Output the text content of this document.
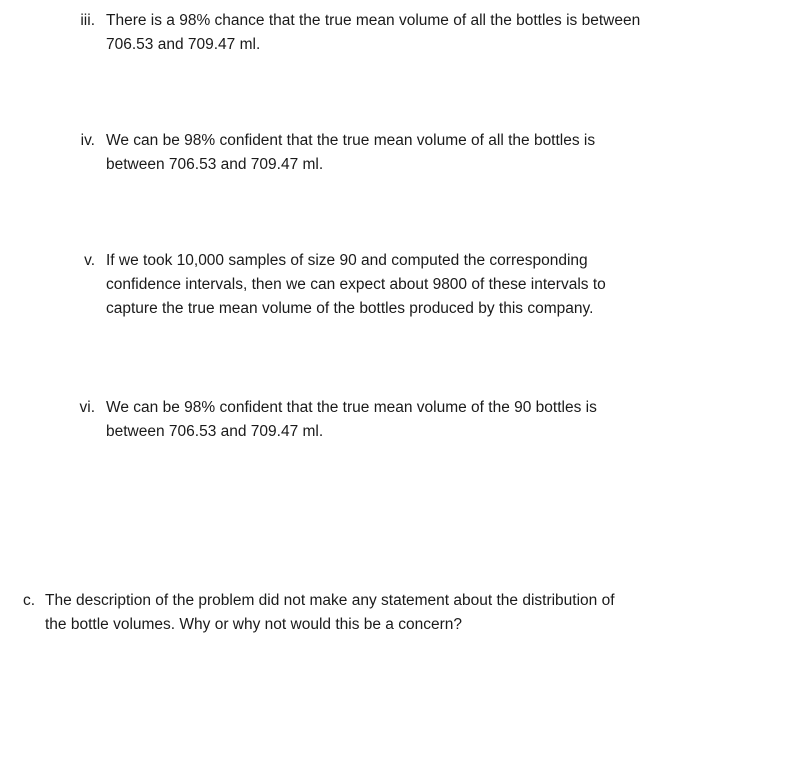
iii. There is a 98% chance that the true mean volume of all the bottles is between
706.53 and 709.47 ml.
iv. We can be 98% confident that the true mean volume of all the bottles is
between 706.53 and 709.47 ml.
v. If we took 10,000 samples of size 90 and computed the corresponding
confidence intervals, then we can expect about 9800 of these intervals to
capture the true mean volume of the bottles produced by this company.
vi. We can be 98% confident that the true mean volume of the 90 bottles is
between 706.53 and 709.47 ml.
c. The description of the problem did not make any statement about the distribution of
the bottle volumes. Why or why not would this be a concern?
